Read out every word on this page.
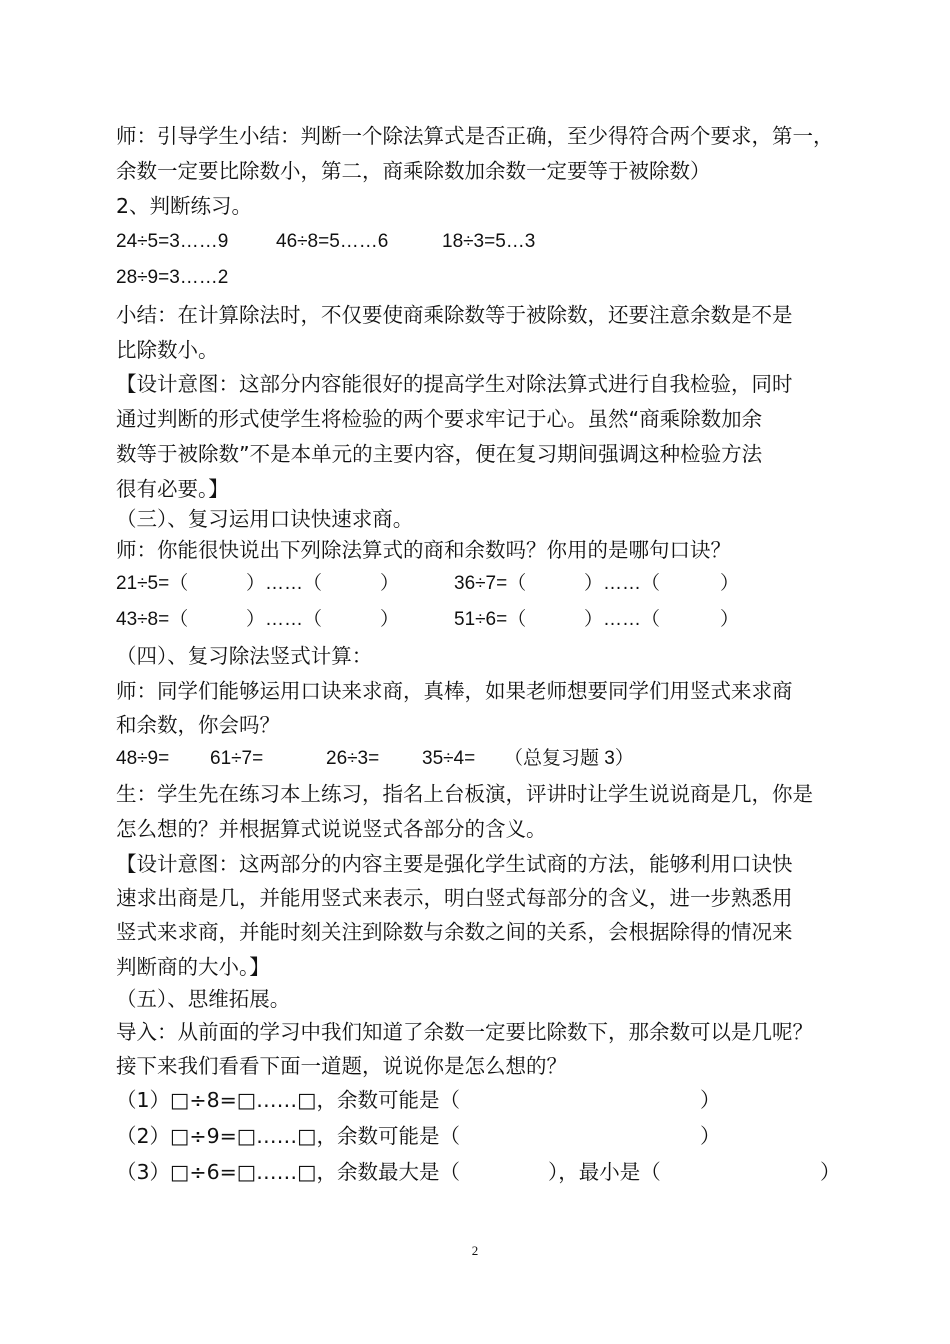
师：引导学生小结：判断一个除法算式是否正确，至少得符合两个要求，第一，
余数一定要比除数小，第二，商乘除数加余数一定要等于被除数）
2、判断练习。
24÷5=3……9	46÷8=5……6	18÷3=5…3
28÷9=3……2
小结：在计算除法时，不仅要使商乘除数等于被除数，还要注意余数是不是
比除数小。
【设计意图：这部分内容能很好的提高学生对除法算式进行自我检验，同时
通过判断的形式使学生将检验的两个要求牢记于心。虽然“商乘除数加余
数等于被除数”不是本单元的主要内容，便在复习期间强调这种检验方法
很有必要。】
（三）、复习运用口诀快速求商。
师：你能很快说出下列除法算式的商和余数吗？你用的是哪句口诀？
21÷5=（	）……（	）	36÷7=（	）……（	）
43÷8=（	）……（	）	51÷6=（	）……（	）
（四）、复习除法竖式计算：
师：同学们能够运用口诀来求商，真棒，如果老师想要同学们用竖式来求商
和余数，你会吗？
48÷9= 61÷7=	26÷3= 35÷4= （总复习题 3）
生：学生先在练习本上练习，指名上台板演，评讲时让学生说说商是几，你是
怎么想的？并根据算式说说竖式各部分的含义。
【设计意图：这两部分的内容主要是强化学生试商的方法，能够利用口诀快
速求出商是几，并能用竖式来表示，明白竖式每部分的含义，进一步熟悉用
竖式来求商，并能时刻关注到除数与余数之间的关系，会根据除得的情况来
判断商的大小。】
（五）、思维拓展。
导入：从前面的学习中我们知道了余数一定要比除数下，那余数可以是几呢？
接下来我们看看下面一道题，说说你是怎么想的？
（1）□÷8=□……□，余数可能是（	）
（2）□÷9=□……□，余数可能是（	）
（3）□÷6=□……□，余数最大是（	），最小是（	）
2
